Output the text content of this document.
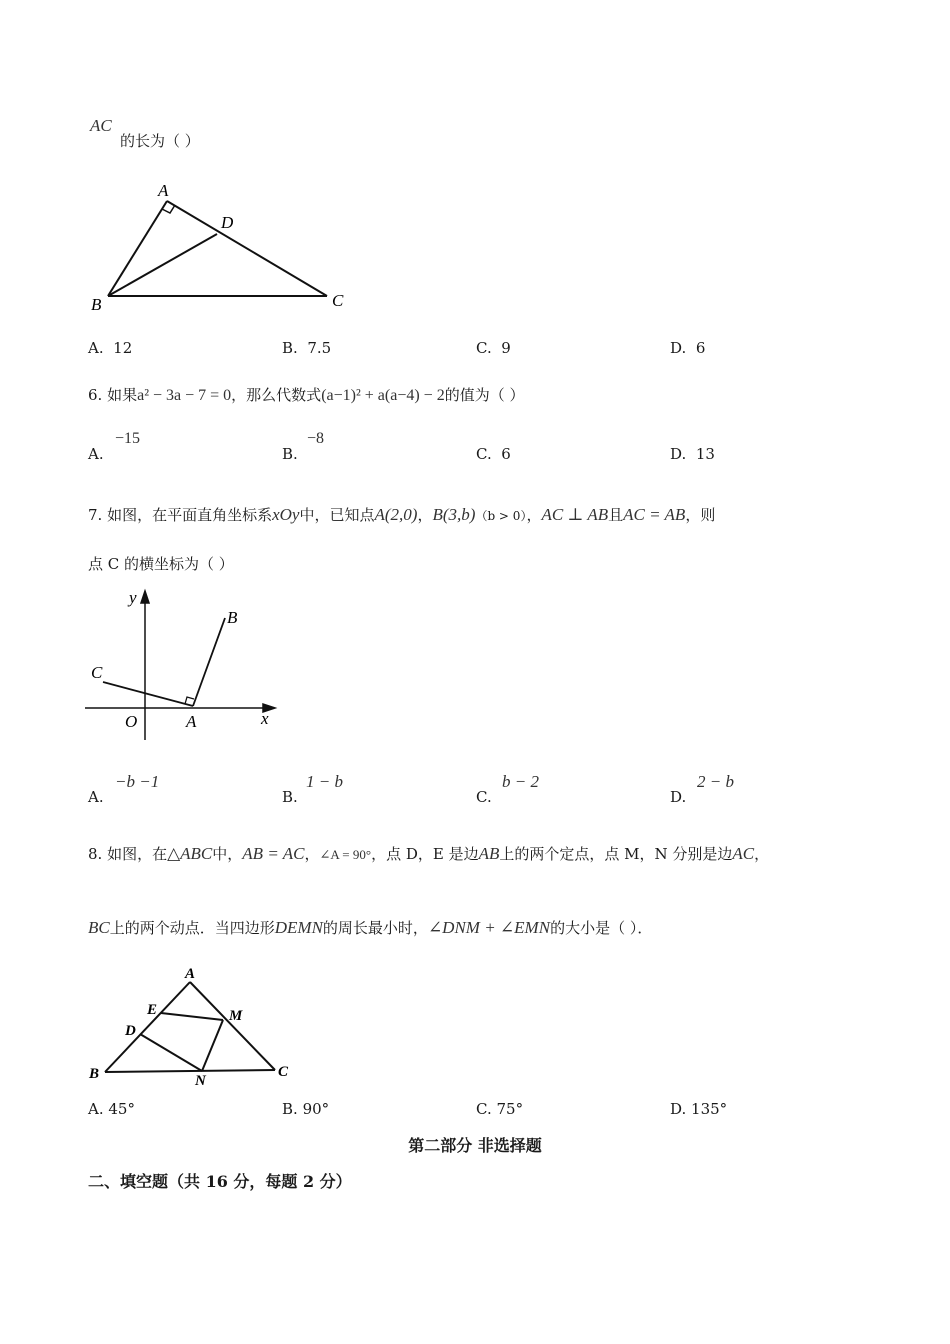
AC
的长为（ ）
A
D
B	C
A. 12	B. 7.5	C. 9	D. 6
6. 如果a² − 3a − 7 = 0，那么代数式(a−1)² + a(a−4) − 2的值为（ ）
A.
−15
B.
−8
C. 6	D. 13
7. 如图，在平面直角坐标系xOy中，已知点A(2,0)，B(3,b)（b > 0），AC ⊥ AB且AC = AB，则
点 C 的横坐标为（ ）
y
x
O	A
B
C
A.
−b −1
B.
1 − b
C.
b − 2
D.
2 − b
8. 如图，在△ABC中，AB = AC，∠A = 90°，点 D，E 是边AB上的两个定点，点 M，N 分别是边AC，
BC上的两个动点．当四边形DEMN的周长最小时，∠DNM + ∠EMN的大小是（ ）．
A
E	M
D
B	C
N
A. 45°	B. 90°	C. 75°	D. 135°
第二部分 非选择题
二、填空题（共 16 分，每题 2 分）
